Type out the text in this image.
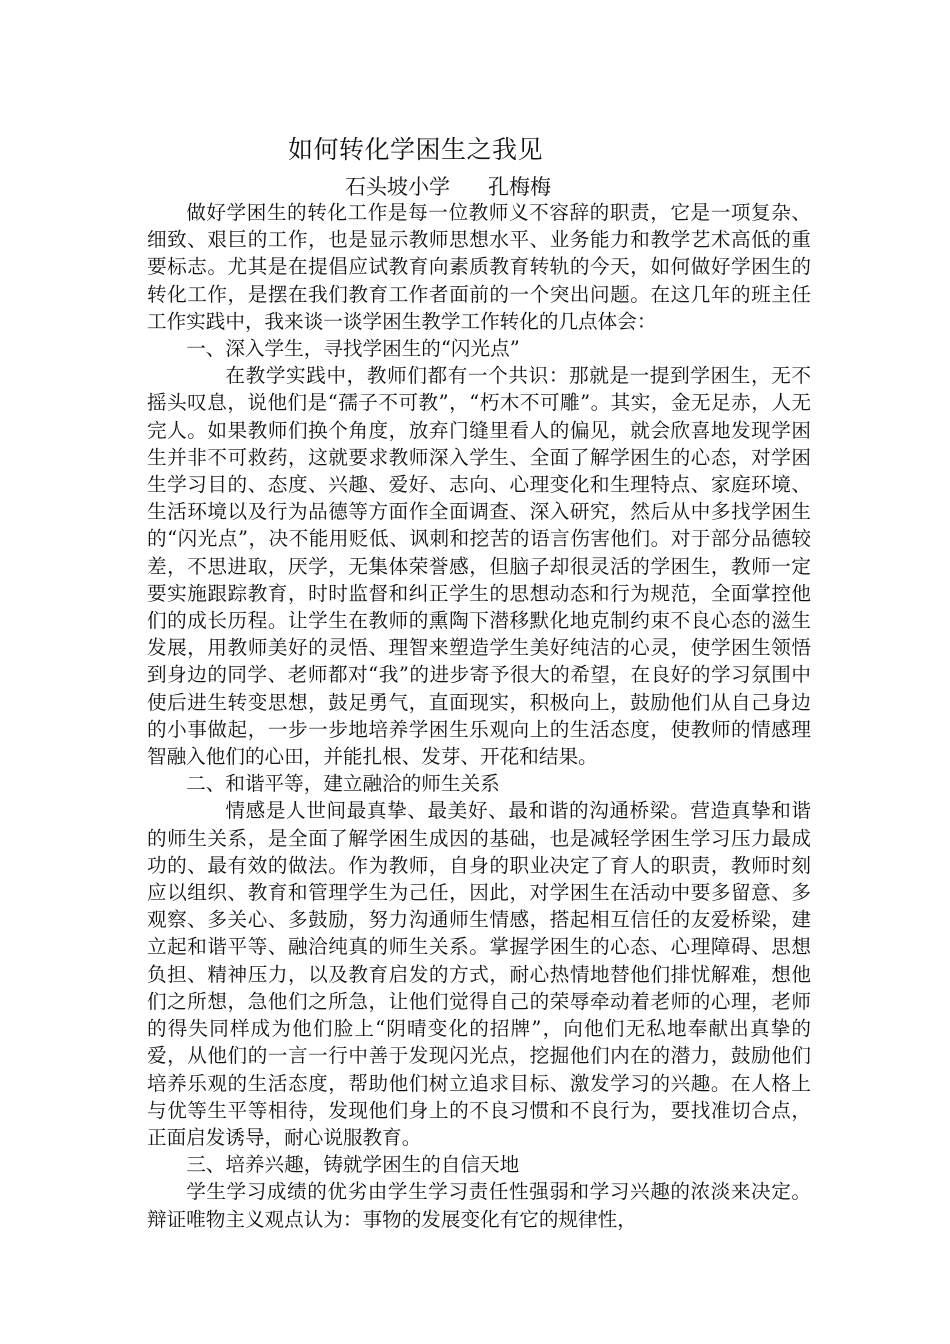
如何转化学困生之我见
石头坡小学 孔梅梅

做好学困生的转化工作是每一位教师义不容辞的职责，它是一项复杂、细致、艰巨的工作，也是显示教师思想水平、业务能力和教学艺术高低的重要标志。尤其是在提倡应试教育向素质教育转轨的今天，如何做好学困生的转化工作，是摆在我们教育工作者面前的一个突出问题。在这几年的班主任工作实践中，我来谈一谈学困生教学工作转化的几点体会：

一、深入学生，寻找学困生的“闪光点”

在教学实践中，教师们都有一个共识：那就是一提到学困生，无不摇头叹息，说他们是“孺子不可教”，“朽木不可雕”。其实，金无足赤，人无完人。如果教师们换个角度，放弃门缝里看人的偏见，就会欣喜地发现学困生并非不可救药，这就要求教师深入学生、全面了解学困生的心态，对学困生学习目的、态度、兴趣、爱好、志向、心理变化和生理特点、家庭环境、生活环境以及行为品德等方面作全面调查、深入研究，然后从中多找学困生的“闪光点”，决不能用贬低、讽刺和挖苦的语言伤害他们。对于部分品德较差，不思进取，厌学，无集体荣誉感，但脑子却很灵活的学困生，教师一定要实施跟踪教育，时时监督和纠正学生的思想动态和行为规范，全面掌控他们的成长历程。让学生在教师的熏陶下潜移默化地克制约束不良心态的滋生发展，用教师美好的灵悟、理智来塑造学生美好纯洁的心灵，使学困生领悟到身边的同学、老师都对“我”的进步寄予很大的希望，在良好的学习氛围中使后进生转变思想，鼓足勇气，直面现实，积极向上，鼓励他们从自己身边的小事做起，一步一步地培养学困生乐观向上的生活态度，使教师的情感理智融入他们的心田，并能扎根、发芽、开花和结果。

二、和谐平等，建立融洽的师生关系

情感是人世间最真挚、最美好、最和谐的沟通桥梁。营造真挚和谐的师生关系，是全面了解学困生成因的基础，也是减轻学困生学习压力最成功的、最有效的做法。作为教师，自身的职业决定了育人的职责，教师时刻应以组织、教育和管理学生为己任，因此，对学困生在活动中要多留意、多观察、多关心、多鼓励，努力沟通师生情感，搭起相互信任的友爱桥梁，建立起和谐平等、融洽纯真的师生关系。掌握学困生的心态、心理障碍、思想负担、精神压力，以及教育启发的方式，耐心热情地替他们排忧解难，想他们之所想，急他们之所急，让他们觉得自己的荣辱牵动着老师的心理，老师的得失同样成为他们脸上“阴晴变化的招牌”，向他们无私地奉献出真挚的爱，从他们的一言一行中善于发现闪光点，挖掘他们内在的潜力，鼓励他们培养乐观的生活态度，帮助他们树立追求目标、激发学习的兴趣。在人格上与优等生平等相待，发现他们身上的不良习惯和不良行为，要找准切合点，正面启发诱导，耐心说服教育。

三、培养兴趣，铸就学困生的自信天地

学生学习成绩的优劣由学生学习责任性强弱和学习兴趣的浓淡来决定。辩证唯物主义观点认为：事物的发展变化有它的规律性，
